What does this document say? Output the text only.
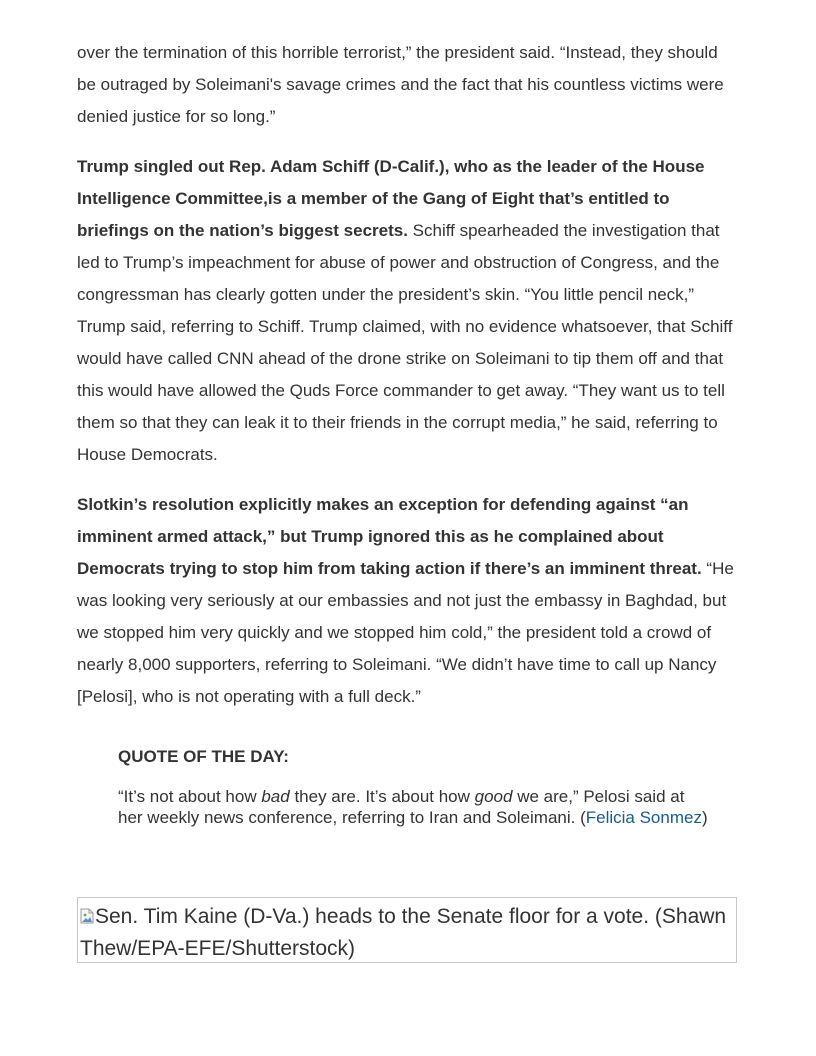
over the termination of this horrible terrorist,” the president said. “Instead, they should be outraged by Soleimani's savage crimes and the fact that his countless victims were denied justice for so long.”

Trump singled out Rep. Adam Schiff (D-Calif.), who as the leader of the House Intelligence Committee,is a member of the Gang of Eight that’s entitled to briefings on the nation’s biggest secrets. Schiff spearheaded the investigation that led to Trump’s impeachment for abuse of power and obstruction of Congress, and the congressman has clearly gotten under the president’s skin. “You little pencil neck,” Trump said, referring to Schiff. Trump claimed, with no evidence whatsoever, that Schiff would have called CNN ahead of the drone strike on Soleimani to tip them off and that this would have allowed the Quds Force commander to get away. “They want us to tell them so that they can leak it to their friends in the corrupt media,” he said, referring to House Democrats.

Slotkin’s resolution explicitly makes an exception for defending against “an imminent armed attack,” but Trump ignored this as he complained about Democrats trying to stop him from taking action if there’s an imminent threat. “He was looking very seriously at our embassies and not just the embassy in Baghdad, but we stopped him very quickly and we stopped him cold,” the president told a crowd of nearly 8,000 supporters, referring to Soleimani. “We didn’t have time to call up Nancy [Pelosi], who is not operating with a full deck.”

QUOTE OF THE DAY:

“It’s not about how bad they are. It’s about how good we are,” Pelosi said at her weekly news conference, referring to Iran and Soleimani. (Felicia Sonmez)

Sen. Tim Kaine (D-Va.) heads to the Senate floor for a vote. (Shawn Thew/EPA-EFE/Shutterstock)
